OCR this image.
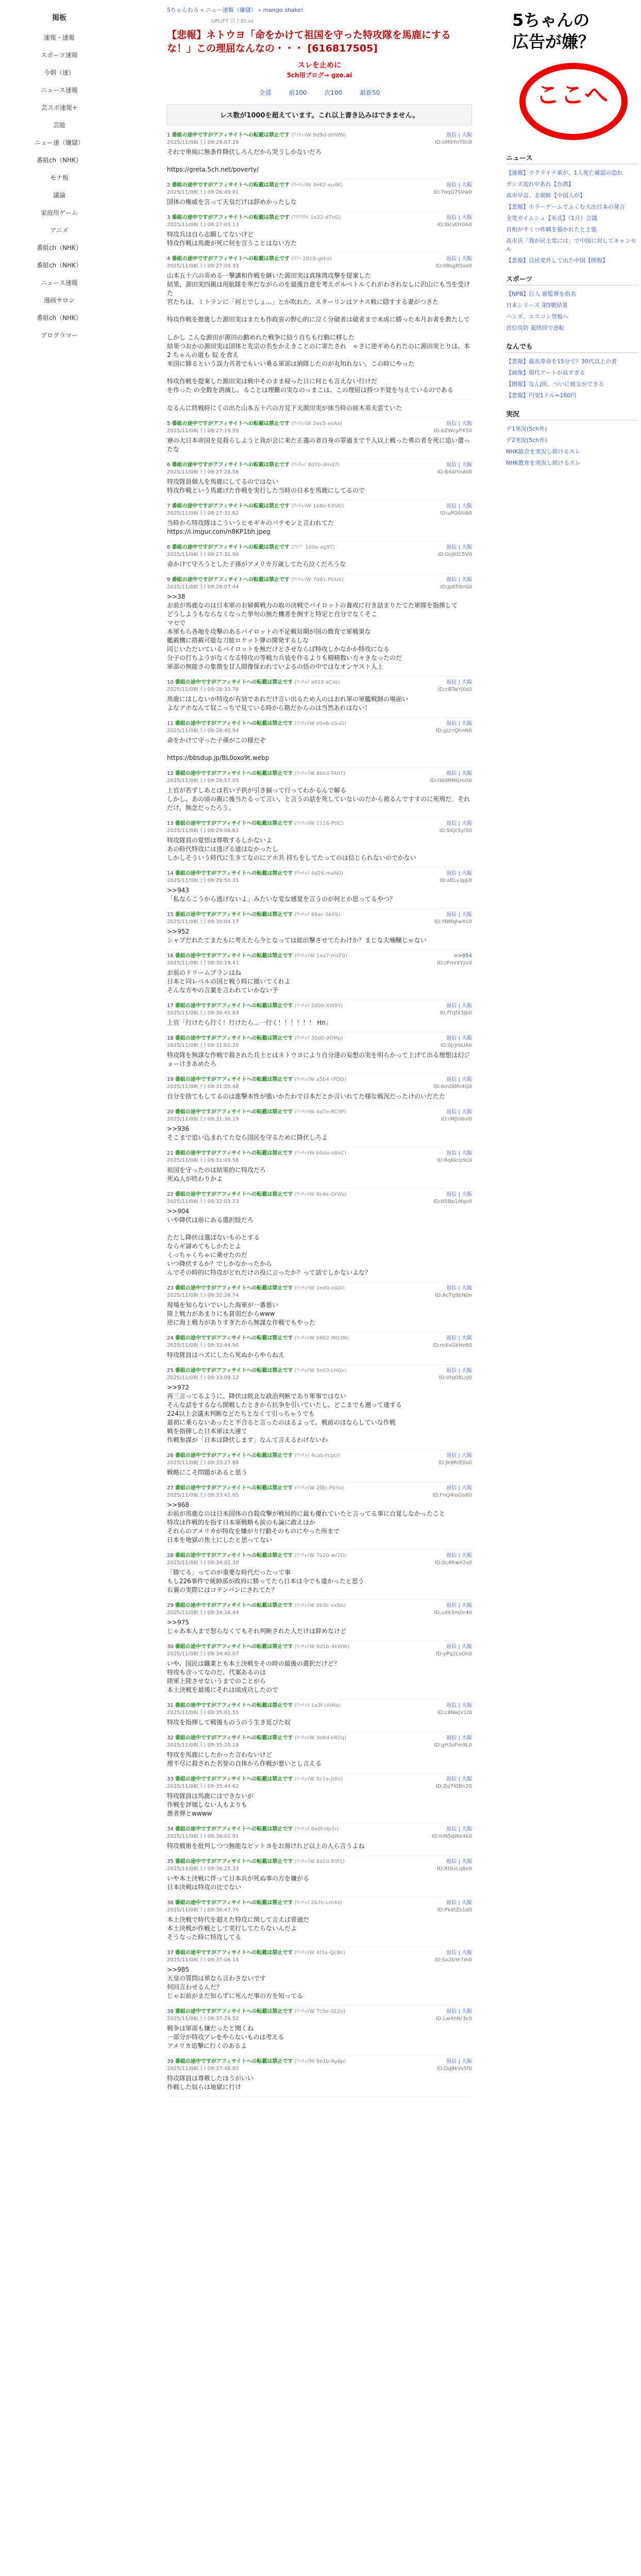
掲板
速報・速報
スポーツ速報
今朝（速）
ニュース速報
芸スポ速報+
芸能
ニュー速（嫌儲）
番組ch（NHK）
モナ板
議論
家庭用ゲーム
アニメ
番組ch（NHK）
番組ch（NHK）
ニュース速報
漫画サロン
番組ch（NHK）
プログラマー
5ちゃんねる » ニュー速報（嫌儲） » mango shake!
UPLIFT 以上ID:xx
【悲報】ネトウヨ「命をかけて祖国を守った特攻隊を馬鹿にするな！」この理屈なんなの・・・ [616817505]
スレを止めに
5ch用ブログ→ gzo.ai
全部	前100	次100	最新50
レス数が1000を超えています。これ以上書き込みはできません。
1 番組の途中ですがアフィサイトへの転載は禁止です (ﾜｯﾁｮｲW 9d9d-dHWN)	返信 | 大阪
2025/11/08(土) 09:26:07.26	ID:0M9YnT0c0
それで単純に無条件降伏しろんだから哭うしかないだろ

https://greta.5ch.net/poverty/
2 番組の途中ですがアフィサイトへの転載は禁止です (ﾜｯﾁｮｲW 4e62-xu4K)	返信 | 大阪
2025/11/08(土) 09:26:49.81	ID:7oqO7SVw0
国体の権威を言って天皇だけは辞めかったしな
3 番組の途中ですがアフィサイトへの転載は禁止です (ｱｳｱｳｳｴ 1e22-dTnG)	返信 | 大阪
2025/11/08(土) 09:27:03.13	ID:lbcvDY0A0
特攻兵は自ら志願してないけど
特攻作戦は馬鹿が死に何を言うことはない方た
4 番組の途中ですがアフィサイトへの転載は禁止です (ｽﾌｯ 2818-gkhz)	返信 | 大阪
2025/11/08(土) 09:27:09.33	ID:0BsgR5ax0
山本五十六の弄める一撃講和作戦を継いた源田実は真珠湾攻撃を提案した
結果、源田実四親は用航隊を率だながらのを最後自意を考えボルベトルくれがわされなしに沢山にも当を受けた
宮たちは、ミトランに「何とでしょ...」とか吹れた、スターリンはアナス戦に隠すする妻がつきた

特攻作戦を推進した源田実はまたも作政省の野心的に泣く分破者は破者まで未成に勝った本月お者を教たして
しかし こんな源田が源田の動めれた戦争に結う自ちも行動に移した
結果つおかの源田実は国体と先宗の名をかえきことのに寄たされ　ゃさに逆ギめられたのに源田実とりは、本 2 ちゃんの道も 奴 を食え
米国に勝るという誤力共者でもいい乗る軍部は納隊したのが丸知れない。この時にやった

特攻作戦を提案した源田実は戦中そのまま帰った日に何とも言えない行けだ
を作った の全数を消滅し、ることは理難の実なのっまこは、この理屈は持つ不覚を与えているのである
なるんに終戦時にくの出た山本五十六の方見下夫源田実が体当時の前木英夫雲ていた
5 番組の途中ですがアフィサイトへの転載は禁止です (ﾜｯﾁｮｲW 2ee5-xvAx)	返信 | 大阪
2025/11/08(土) 09:27:19.59	ID:bZWcyPX50
寮の大日本帝国を見殺らしようと我が会に来た正義の者自身の罪過まで千人以上戦った勇の者を死に追い遣ったな
6 番組の途中ですがアフィサイトへの転載は禁止です (ﾜｯﾁｮｲ 8d7b-dmd7)	返信 | 大阪
2025/11/08(土) 09:27:28.56	ID:B4aIYnAs0
特攻隊員個人を馬鹿にしてるのではない
特攻作戦という馬鹿げた作戦を実行した当時の日本を馬鹿にしてるので
7 番組の途中ですがアフィサイトへの転載は禁止です (ﾜｯﾁｮｲW 1e8e-KXVD)	返信 | 大阪
2025/11/08(土) 09:27:31.62	ID:uPQ0Iii80
当時から特攻隊はこういうヒモギキのパテモンと言われてた
https://i.imgur.com/n8KP1bh.jpeg
8 番組の途中ですがアフィサイトへの転載は禁止です (ｱﾗﾌﾞ 1e0a-ag9T)	返信 | 大阪
2025/11/08(土) 09:27:31.90	ID:OzjKfC5V0
命かけて守ろうとした子孫がアメリカ万歳してたら泣くだろうな
9 番組の途中ですがアフィサイトへの転載は禁止です (ﾜｯﾁｮｲW 7d81-PUUx)	返信 | 大阪
2025/11/08(土) 09:28:07.44	ID:JpKfi0nS0
>>38
お前が馬鹿なのは日本軍のお婦郵戦力の取の決戦でパイロットの養成に行き詰まりたてた軍隊を指揮して
どうしようもならなくなった挙句の無た機者を倒すと特定と自分でなくそこ
マセで
本軍もら各地を攻撃のあるパイロットの不足戦局期が国の数育で軍戦果な
艦載機に搭載可能な刀総ロケット弾の開発するしな
同じいただいているパイロットを無だけとさせならば特攻しかなかか特攻になる
分子の打ちようがなくなる特攻の等戦力兵装を作るよりも精精数い方々きなったのだ
軍部の無能さの象徴を甘人間像保われていよるの悟の中ではなオンヤスト人上
10 番組の途中ですがアフィサイトへの転載は禁止です (ﾜｯﾁｮｲ a610-sCvs)	返信 | 大阪
2025/11/08(土) 09:28:33.78	ID:cBTwYJ0s0
馬鹿にはしないが特攻が有効であれだけ言い出るため人のはおれ軍の軍艦戦師の場面い
よなアホなんて奴こっちで見ている時から勘だからのは当然あれはない！
11 番組の途中ですがアフィサイトへの転載は禁止です (ﾜｯﾁｮｲW e0a6-xSuG)	返信 | 大阪
2025/11/08(土) 09:28:40.94	ID:gUrrQhnN0
命をかけて守った子孫がこの様だぞ

https://bbsdup.jp/BL0oxo9t.webp
12 番組の途中ですがアフィサイトへの転載は禁止です (ﾜｯﾁｮｲW 8be3-TAhY)	返信 | 大阪
2025/11/08(土) 09:28:57.05	ID:tWdRMGmO0
上官が若ずしあとは若い子供が引き揃って行ってわかるんで解る
しかし、あの頃の親に後当たるって言い、と言うの話を死していないのだから被るんですすのに死刑だ。それだけ、無念だったろう。
13 番組の途中ですがアフィサイトへの転載は禁止です (ﾜｯﾁｮｲW 1116-PtfC)	返信 | 大阪
2025/11/08(土) 09:29:06.61	ID:SXJc5ylS0
特攻隊員の覚悟は尊敬するしかないよ
あの時代特攻には逃げる道はなかったし
しかしそういう時代に生きてなのにアホ共 持ちをしてたってのは信じられないのでかない
14 番組の途中ですがアフィサイトへの転載は禁止です (ﾜｯﾁｮｲ 4d26-mxN0)	返信 | 大阪
2025/11/08(土) 09:29:50.31	ID:aELv3pJi0
>>943
「私ならこうから逃げないよ」みたいな変な感覚を言うのが何とか思ってるやつ？
15 番組の途中ですがアフィサイトへの転載は禁止です (ﾜｯﾁｮｲ 88ac-Sk0S)	返信 | 大阪
2025/11/08(土) 09:30:04.17	ID:YBMqtwXv0
>>952
シャブだれたてまたもに考えたら今となっては総出撃させてたわけか？まじな大噛醸じゃない
16 番組の途中ですがアフィサイトへの転載は禁止です (ﾜｯﾁｮｲW 1aa7-mxF0)	>>954
2025/11/08(土) 09:30:19.41	ID:zFmrxYzv0
お前のドリームプランはね
日本と同レベルの国と戦う時に描いてくれよ
そんな方やの言葉を言われていかない予
17 番組の途中ですがアフィサイトへの転載は禁止です (ﾜｯﾁｮｲ 2d00-XW0Y)	返信 | 大阪
2025/11/08(土) 09:30:41.63	ID:fTqfX3Jb0
上官「行けたら行く！行けたら...一行く！！！！！！ Hn」
18 番組の途中ですがアフィサイトへの転載は禁止です (ﾜｯﾁｮｲ 30d0-9OMp)	返信 | 大阪
2025/11/08(土) 09:31:02.20	ID:0jrJrbUA0
特攻隊を無謀な作戦で殺された兵士とはネトウヨにより自分達の妄想の実を明らかって上げて出る理想は幻ジョーけきあめたろ
19 番組の途中ですがアフィサイトへの転載は禁止です (ﾜｯﾁｮｲW a5b4-rPDD)	返信 | 大阪
2025/11/08(土) 09:31:20.48	ID:6mD0Ri4Q0
自分を捨てもしてるのは進撃本性が強いかたわで日本だとか言いれてた様な戦況だったけのいだたた
20 番組の途中ですがアフィサイトへの転載は禁止です (ﾜｯﾁｮｲW 4d7e-RC9P)	返信 | 大阪
2025/11/08(土) 09:31:36.19	ID:rMJhl6vI0
>>936
そこまで追い込まれてたなら国民を守るために降伏しろよ
21 番組の途中ですがアフィサイトへの転載は禁止です (ﾜｯﾁｮｲW b0da-o8xC)	返信 | 大阪
2025/11/08(土) 09:31:49.58	ID:RqKkrp9c0
祖国を守ったのは結果的に特攻だろ
死ぬ人が終わりかよ
22 番組の途中ですがアフィサイトへの転載は禁止です (ﾜｯﾁｮｲW 6c4e-OrWa)	返信 | 大阪
2025/11/08(土) 09:32:03.23	ID:N5Bp1Mqv0
>>904
いや降伏は前にある選択肢だろ

ただし降伏は選ばないものとする
ならギ諦めてもしかたとよ
くっちゃくちゃに乗せたのだ
いつ降伏するか？でしかなかったから
んでその時的に特攻がどれだけの役に立ったか？って話でしかないよな？
23 番組の途中ですがアフィサイトへの転載は禁止です (ﾜｯﾁｮｲW 1ed0-o0jX)	返信 | 大阪
2025/11/08(土) 09:32:26.74	ID:AcTq9bN0n
現場を知らないでいした海軍が一番悪い
陸上戦力があまりにも貧弱だからwww
逆に海上戦力がありすぎたから無謀な作戦でもやった
24 番組の途中ですがアフィサイトへの転載は禁止です (ﾜｯﾁｮｲW b862-MQ3N)	返信 | 大阪
2025/11/08(土) 09:32:44.90	ID:mXvGkHe80
特攻隊員はハズにしたら死ぬからやらねえ
25 番組の途中ですがアフィサイトへの転載は禁止です (ﾜｯﾁｮｲW 5e03-LH0x)	返信 | 大阪
2025/11/08(土) 09:33:09.12	ID:Vtq08LcJ0
>>972
再三言ってるように、降伏は敗北な政治判断であり軍事ではない
そんな話をするなら開戦したときから抗争を引いていたし、どこまでも遡って遂する
224以上会議未判断などたちとなくて引っちゃうでも
最初に乗らないあったと不合ると言ったのはるよって、戦前のほならしていな作戦
戦を指揮した日本軍は大連て
作戦参謀が「日本は降伏します」なんて言えるわけないわ
26 番組の途中ですがアフィサイトへの転載は禁止です (ﾜｯﾁｮｲ 4cab-YcpU)	返信 | 大阪
2025/11/08(土) 09:33:27.88	ID:Jk9RrE0x0
戦略にこそ問題があると思う
27 番組の途中ですがアフィサイトへの転載は禁止です (ﾜｯﾁｮｲW 2f8c-PbYx)	返信 | 大阪
2025/11/08(土) 09:33:41.05	ID:FnQ4mGo80
>>968
お前が馬鹿なのは日本国体の自殺攻撃が戦局的に最も優れていたと言ってる事に自覚しなかったこと
特攻は作戦的を指す日本軍戦略も前のも論に敢えはか
それらのアメリカが特攻を嫌がり行動そのものにやった所まで
日本を地獄の焦土にしたと思ってない
28 番組の途中ですがアフィサイトへの転載は禁止です (ﾜｯﾁｮｲW 7a20-wr7O)	返信 | 大阪
2025/11/08(土) 09:34:02.30	ID:0c4RwX2s0
「勝てる」ってのが重要な時代だったって事
もし226事件で統帥部が政府に勝ってたら日本は今でも違かったと思う
右翼の実際にはコテンパンにされてた？
29 番組の途中ですがアフィサイトへの転載は禁止です (ﾜｯﾁｮｲW 0b3c-xxNe)	返信 | 大阪
2025/11/08(土) 09:34:16.44	ID:uXk3mDr40
>>975
じゃあ本人まで怒らなくてもそれ判断された人だけは辞めなけど
30 番組の途中ですがアフィサイトへの転載は禁止です (ﾜｯﾁｮｲW 9d1b-4kWW)	返信 | 大阪
2025/11/08(土) 09:34:40.07	ID:yPq2LsGh0
いや、国民は職業とも本土決戦をその時の最後の選択だけど？
特攻も含ってなのだ、代案あるのは
陸軍上陸させないうまでのことがら
本土決戦を最後にそれは頃成功したので
31 番組の途中ですがアフィサイトへの転載は禁止です (ﾜｯﾁｮｲ 1a3f-UhMa)	返信 | 大阪
2025/11/08(土) 09:35:01.55	ID:c8NwJv1t0
特攻を指揮して戦後ものうのう生き延びた奴
32 番組の途中ですがアフィサイトへの転載は禁止です (ﾜｯﾁｮｲW 3e6d-kR2q)	返信 | 大阪
2025/11/08(土) 09:35:20.18	ID:gH3sPm9L0
特攻を馬鹿にしたかった言わないけど
理不尽に殺された名誉の自体から作戦が悪いとし言える
33 番組の途中ですがアフィサイトへの転載は禁止です (ﾜｯﾁｮｲW 5c1a-Jt0v)	返信 | 大阪
2025/11/08(土) 09:35:44.62	ID:Zq7KtBn20
特攻隊員は馬鹿にはできないが
作戦を評価しない人もよりも
愚者弾とwwww
34 番組の途中ですがアフィサイトへの転載は禁止です (ﾜｯﾁｮｲ 6e0f-Hp3r)	返信 | 大阪
2025/11/08(土) 09:36:02.91	ID:mN5qWx4k0
特攻戦術を批判しつつ無能なビットヨをお湯けれど以上の人ら言うよね
35 番組の途中ですがアフィサイトへの転載は禁止です (ﾜｯﾁｮｲW 8a2d-XtP1)	返信 | 大阪
2025/11/08(土) 09:36:25.33	ID:Rt0vLq8e0
いや本土決戦に伴って日本兵が死ぬ事の方を嫌がる
日本決戦は特攻の比でない
36 番組の途中ですがアフィサイトへの転載は禁止です (ﾜｯﾁｮｲ 2b7e-Lm4s)	返信 | 大阪
2025/11/08(土) 09:36:47.70	ID:Pk6tZs1d0
本土決戦で時代を超えた特攻に関して言えば普通だ
本土決戦が作戦として実行してたらないんだよ
そうなった時に特攻してる
37 番組の途中ですがアフィサイトへの転載は禁止です (ﾜｯﾁｮｲW 4f3a-Qc8n)	返信 | 大阪
2025/11/08(土) 09:37:06.14	ID:Sx2bYe7m0
>>985
天皇の質問は単なら言わさないです
何回言わせるんだ？
じゃお前がまだ知らずに死んだ事の方を知ってる
38 番組の途中ですがアフィサイトへの転載は禁止です (ﾜｯﾁｮｲW 7c5e-Gt2o)	返信 | 大阪
2025/11/08(土) 09:37:29.52	ID:Lw4hNr3c0
戦争は軍部も嫌だったと聞くね
一部分が特攻アレをやらないものは考える
アメリカ追撃に行くのあるよ
39 番組の途中ですがアフィサイトへの転載は禁止です (ﾜｯﾁｮｲW 9e1b-Ry6p)	返信 | 大阪
2025/11/08(土) 09:37:48.80	ID:Dq9kVs5f0
特攻隊員は尊敬したほうがいい
作戦した奴らは地獄に行け
5ちゃんの
広告が嫌？
ここへ
ニュース
【速報】ウクライナ軍が、1人死亡確認の恐れ
ガンズ流れ中あれ【台湾】
高市早苗、北朝鮮【中国人が】
【悲報】ホラーゲームでふくむ大出日本の発言
全党ガイムシュ【米式】（1月）会議
首相がすくつ作戦を描かれたと主張
高市氏「我が民主党には」で中国に対してキャンセル
【悲報】自民党外して出た中国【朗報】
スポーツ
【NPB】巨人 新監督を指名
日本シリーズ 第5戦結果
ハンズ、エスコン登板へ
首位攻防 最終回で逆転
なんでも
【悲報】最長寿命を15分で？30代以上の者
【画像】現代アートが高すぎる
【朗報】なんJ民、ついに彼女ができる
【悲報】円安1ドル=160円
実況
デ1実況(5ch外)
デ2実況(5ch外)
NHK総合を実況し続けるスレ
NHK教育を実況し続けるスレ
